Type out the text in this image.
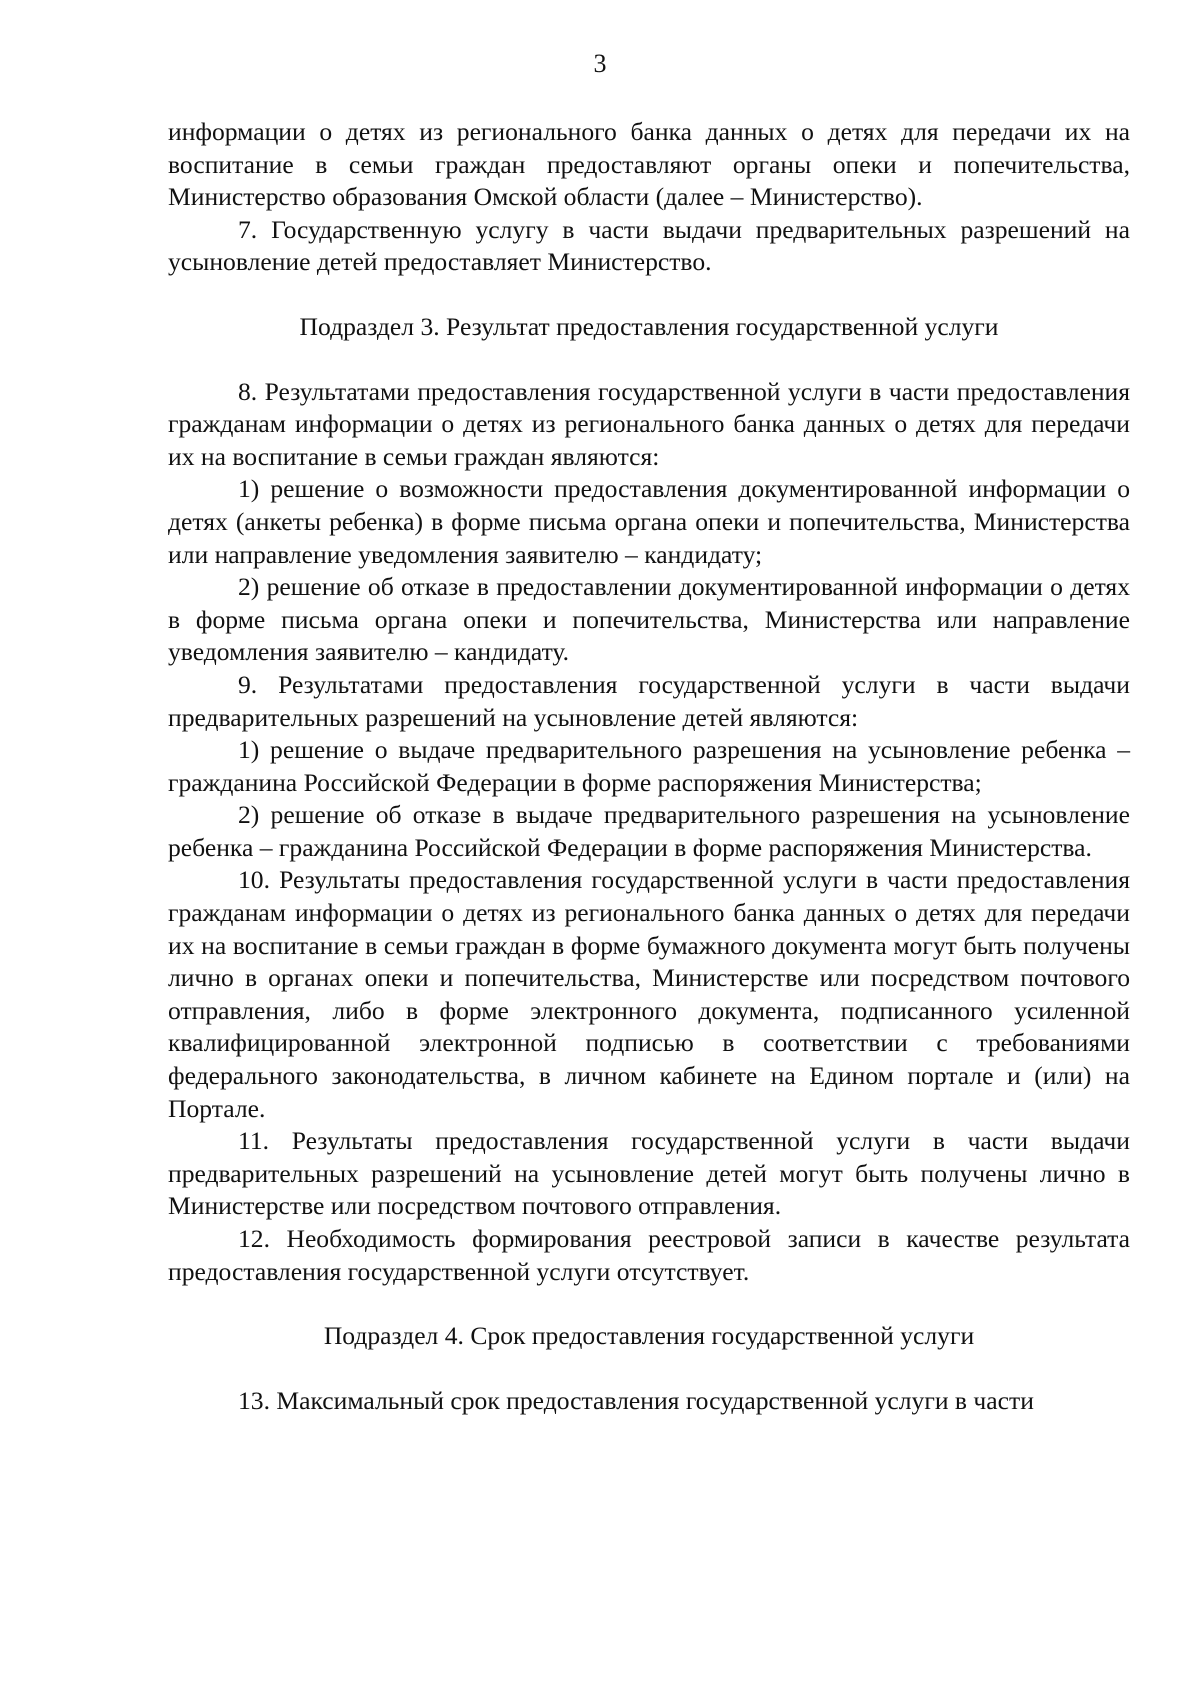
3

информации о детях из регионального банка данных о детях для передачи их на воспитание в семьи граждан предоставляют органы опеки и попечительства, Министерство образования Омской области (далее – Министерство).

7. Государственную услугу в части выдачи предварительных разрешений на усыновление детей предоставляет Министерство.

Подраздел 3. Результат предоставления государственной услуги

8. Результатами предоставления государственной услуги в части предоставления гражданам информации о детях из регионального банка данных о детях для передачи их на воспитание в семьи граждан являются:

1) решение о возможности предоставления документированной информации о детях (анкеты ребенка) в форме письма органа опеки и попечительства, Министерства или направление уведомления заявителю – кандидату;

2) решение об отказе в предоставлении документированной информации о детях в форме письма органа опеки и попечительства, Министерства или направление уведомления заявителю – кандидату.

9. Результатами предоставления государственной услуги в части выдачи предварительных разрешений на усыновление детей являются:

1) решение о выдаче предварительного разрешения на усыновление ребенка – гражданина Российской Федерации в форме распоряжения Министерства;

2) решение об отказе в выдаче предварительного разрешения на усыновление ребенка – гражданина Российской Федерации в форме распоряжения Министерства.

10. Результаты предоставления государственной услуги в части предоставления гражданам информации о детях из регионального банка данных о детях для передачи их на воспитание в семьи граждан в форме бумажного документа могут быть получены лично в органах опеки и попечительства, Министерстве или посредством почтового отправления, либо в форме электронного документа, подписанного усиленной квалифицированной электронной подписью в соответствии с требованиями федерального законодательства, в личном кабинете на Едином портале и (или) на Портале.

11. Результаты предоставления государственной услуги в части выдачи предварительных разрешений на усыновление детей могут быть получены лично в Министерстве или посредством почтового отправления.

12. Необходимость формирования реестровой записи в качестве результата предоставления государственной услуги отсутствует.

Подраздел 4. Срок предоставления государственной услуги

13. Максимальный срок предоставления государственной услуги в части
